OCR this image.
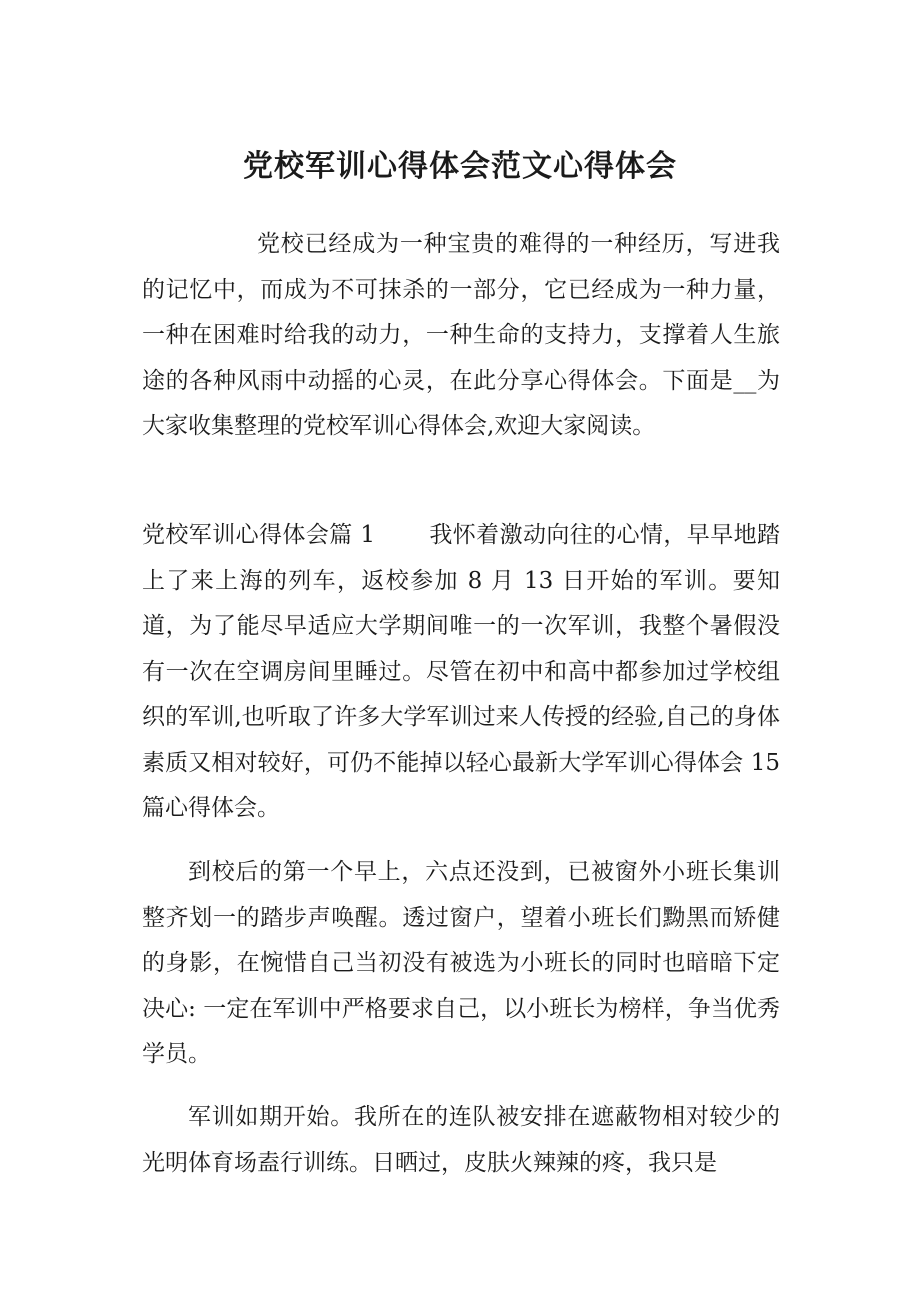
党校军训心得体会范文心得体会

党校已经成为一种宝贵的难得的一种经历，写进我的记忆中，而成为不可抹杀的一部分，它已经成为一种力量，一种在困难时给我的动力，一种生命的支持力，支撑着人生旅途的各种风雨中动摇的心灵，在此分享心得体会。下面是__为大家收集整理的党校军训心得体会,欢迎大家阅读。

党校军训心得体会篇 1 我怀着激动向往的心情，早早地踏上了来上海的列车，返校参加 8 月 13 日开始的军训。要知道，为了能尽早适应大学期间唯一的一次军训，我整个暑假没有一次在空调房间里睡过。尽管在初中和高中都参加过学校组织的军训,也听取了许多大学军训过来人传授的经验,自己的身体素质又相对较好，可仍不能掉以轻心最新大学军训心得体会 15 篇心得体会。

到校后的第一个早上，六点还没到，已被窗外小班长集训整齐划一的踏步声唤醒。透过窗户，望着小班长们黝黑而矫健的身影，在惋惜自己当初没有被选为小班长的同时也暗暗下定决心: 一定在军训中严格要求自己，以小班长为榜样，争当优秀学员。

军训如期开始。我所在的连队被安排在遮蔽物相对较少的光明体育场盍行训练。日晒过，皮肤火辣辣的疼，我只是
